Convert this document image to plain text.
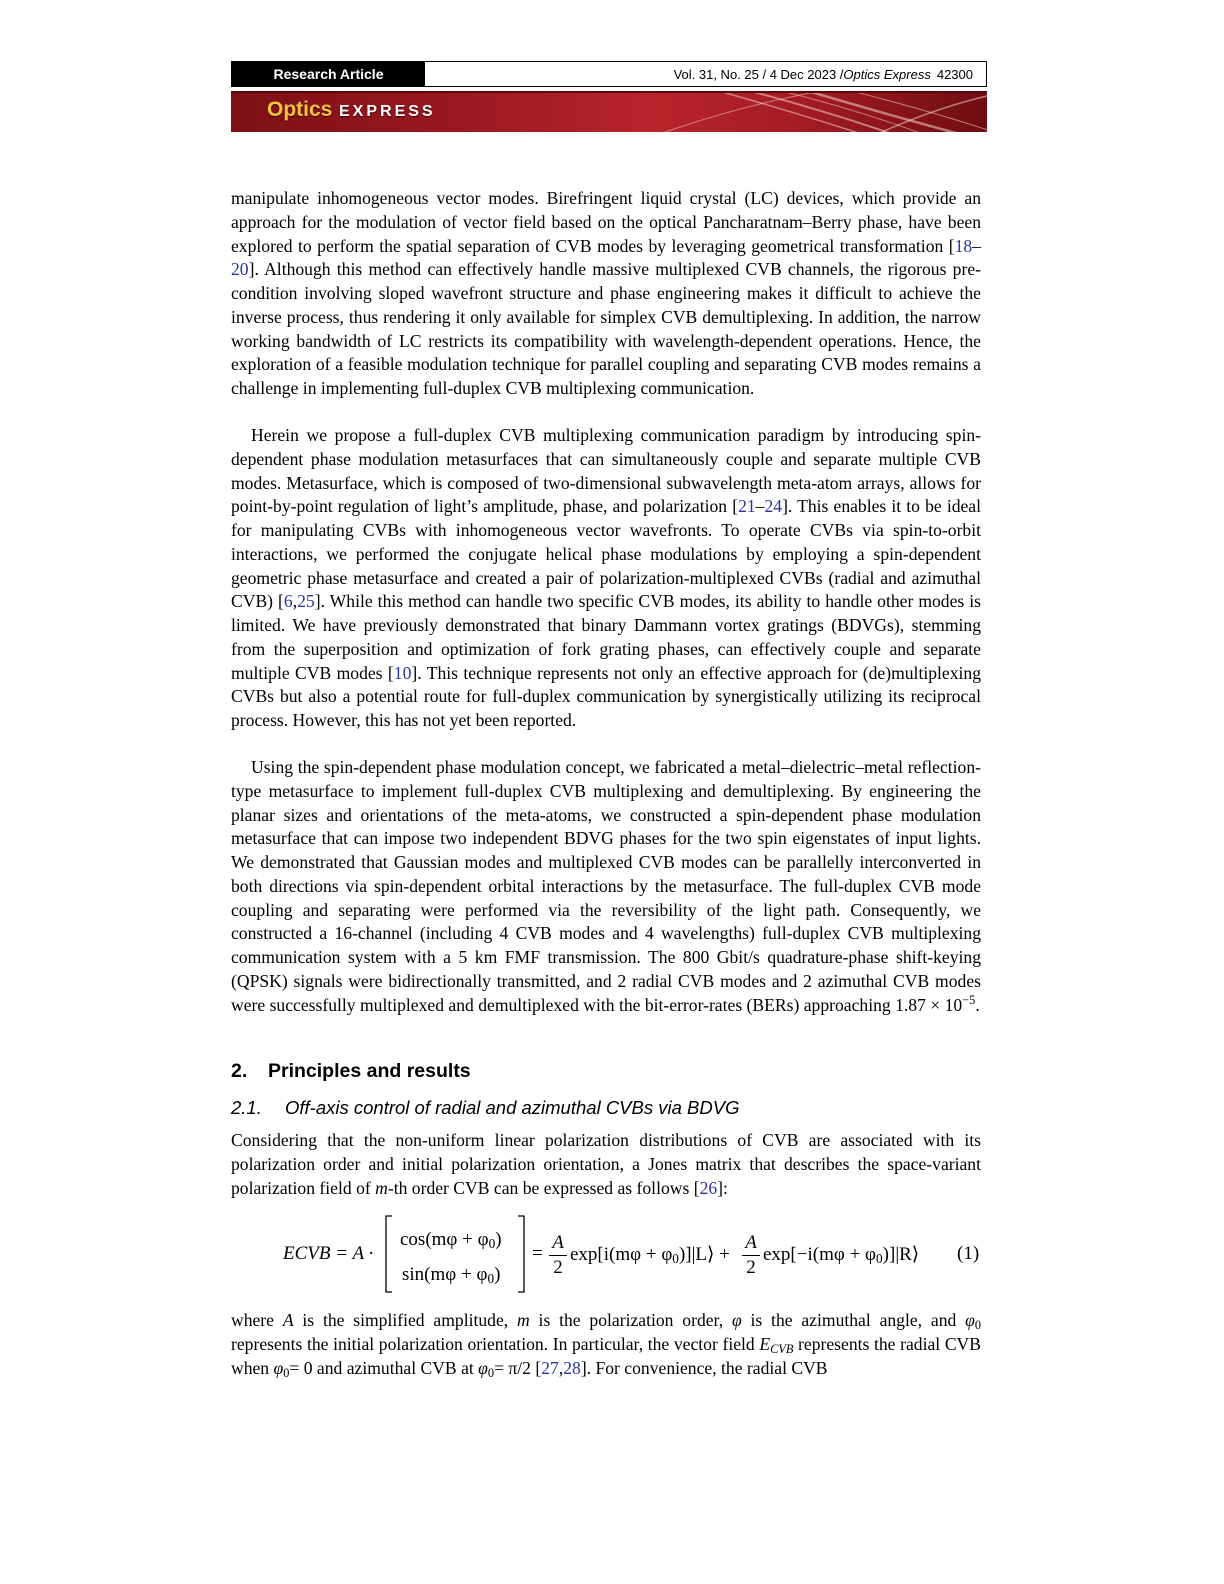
Research Article	Vol. 31, No. 25 / 4 Dec 2023 / Optics Express 42300
Optics EXPRESS

manipulate inhomogeneous vector modes. Birefringent liquid crystal (LC) devices, which provide an approach for the modulation of vector field based on the optical Pancharatnam–Berry phase, have been explored to perform the spatial separation of CVB modes by leveraging geometrical transformation [18–20]. Although this method can effectively handle massive multiplexed CVB channels, the rigorous pre-condition involving sloped wavefront structure and phase engineering makes it difficult to achieve the inverse process, thus rendering it only available for simplex CVB demultiplexing. In addition, the narrow working bandwidth of LC restricts its compatibility with wavelength-dependent operations. Hence, the exploration of a feasible modulation technique for parallel coupling and separating CVB modes remains a challenge in implementing full-duplex CVB multiplexing communication.

Herein we propose a full-duplex CVB multiplexing communication paradigm by introducing spin-dependent phase modulation metasurfaces that can simultaneously couple and separate multiple CVB modes. Metasurface, which is composed of two-dimensional subwavelength meta-atom arrays, allows for point-by-point regulation of light’s amplitude, phase, and polarization [21–24]. This enables it to be ideal for manipulating CVBs with inhomogeneous vector wavefronts. To operate CVBs via spin-to-orbit interactions, we performed the conjugate helical phase modulations by employing a spin-dependent geometric phase metasurface and created a pair of polarization-multiplexed CVBs (radial and azimuthal CVB) [6,25]. While this method can handle two specific CVB modes, its ability to handle other modes is limited. We have previously demonstrated that binary Dammann vortex gratings (BDVGs), stemming from the superposition and optimization of fork grating phases, can effectively couple and separate multiple CVB modes [10]. This technique represents not only an effective approach for (de)multiplexing CVBs but also a potential route for full-duplex communication by synergistically utilizing its reciprocal process. However, this has not yet been reported.

Using the spin-dependent phase modulation concept, we fabricated a metal–dielectric–metal reflection-type metasurface to implement full-duplex CVB multiplexing and demultiplexing. By engineering the planar sizes and orientations of the meta-atoms, we constructed a spin-dependent phase modulation metasurface that can impose two independent BDVG phases for the two spin eigenstates of input lights. We demonstrated that Gaussian modes and multiplexed CVB modes can be parallelly interconverted in both directions via spin-dependent orbital interactions by the metasurface. The full-duplex CVB mode coupling and separating were performed via the reversibility of the light path. Consequently, we constructed a 16-channel (including 4 CVB modes and 4 wavelengths) full-duplex CVB multiplexing communication system with a 5 km FMF transmission. The 800 Gbit/s quadrature-phase shift-keying (QPSK) signals were bidirectionally transmitted, and 2 radial CVB modes and 2 azimuthal CVB modes were successfully multiplexed and demultiplexed with the bit-error-rates (BERs) approaching $1.87 \times 10^{-5}$.

2. Principles and results
2.1. Off-axis control of radial and azimuthal CVBs via BDVG

Considering that the non-uniform linear polarization distributions of CVB are associated with its polarization order and initial polarization orientation, a Jones matrix that describes the space-variant polarization field of m-th order CVB can be expressed as follows [26]:

ECVB = A ·
$\cos(m\varphi + \varphi_0)$
$\sin(m\varphi + \varphi_0)$
=
A
2
$\exp[i(m\varphi + \varphi_0)]|L⟩$ +
A
2
$\exp[-i(m\varphi + \varphi_0)]|R⟩$ (1)

where A is the simplified amplitude, m is the polarization order, φ is the azimuthal angle, and $\varphi_0$ represents the initial polarization orientation. In particular, the vector field $E_{CVB}$ represents the radial CVB when $\varphi_0= 0$ and azimuthal CVB at $\varphi_0= \pi/2$ [27,28]. For convenience, the radial CVB
